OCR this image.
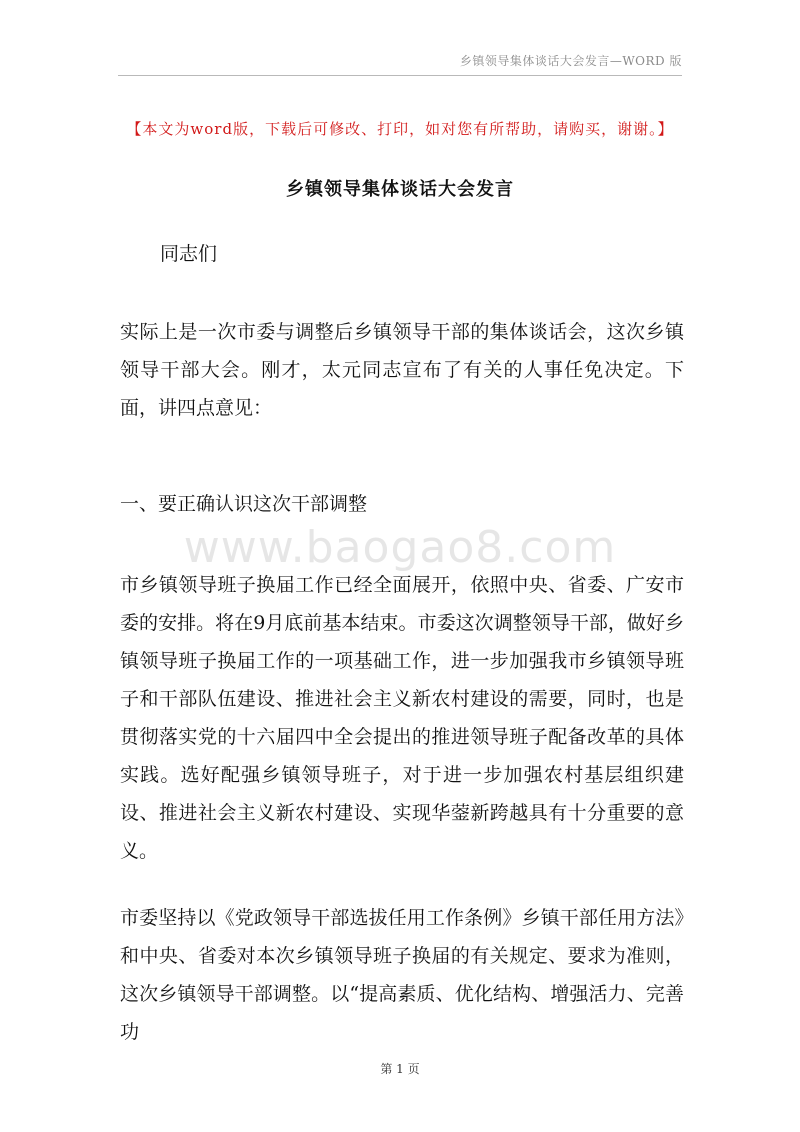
乡镇领导集体谈话大会发言—WORD 版
【本文为word版，下载后可修改、打印，如对您有所帮助，请购买，谢谢。】
乡镇领导集体谈话大会发言
同志们
实际上是一次市委与调整后乡镇领导干部的集体谈话会，这次乡镇领导干部大会。刚才，太元同志宣布了有关的人事任免决定。下面，讲四点意见：
一、要正确认识这次干部调整
www.baogao8.com
市乡镇领导班子换届工作已经全面展开，依照中央、省委、广安市委的安排。将在9月底前基本结束。市委这次调整领导干部，做好乡镇领导班子换届工作的一项基础工作，进一步加强我市乡镇领导班子和干部队伍建设、推进社会主义新农村建设的需要，同时，也是贯彻落实党的十六届四中全会提出的推进领导班子配备改革的具体实践。选好配强乡镇领导班子，对于进一步加强农村基层组织建设、推进社会主义新农村建设、实现华蓥新跨越具有十分重要的意义。
市委坚持以《党政领导干部选拔任用工作条例》乡镇干部任用方法》和中央、省委对本次乡镇领导班子换届的有关规定、要求为准则，这次乡镇领导干部调整。以“提高素质、优化结构、增强活力、完善功
第 1 页
